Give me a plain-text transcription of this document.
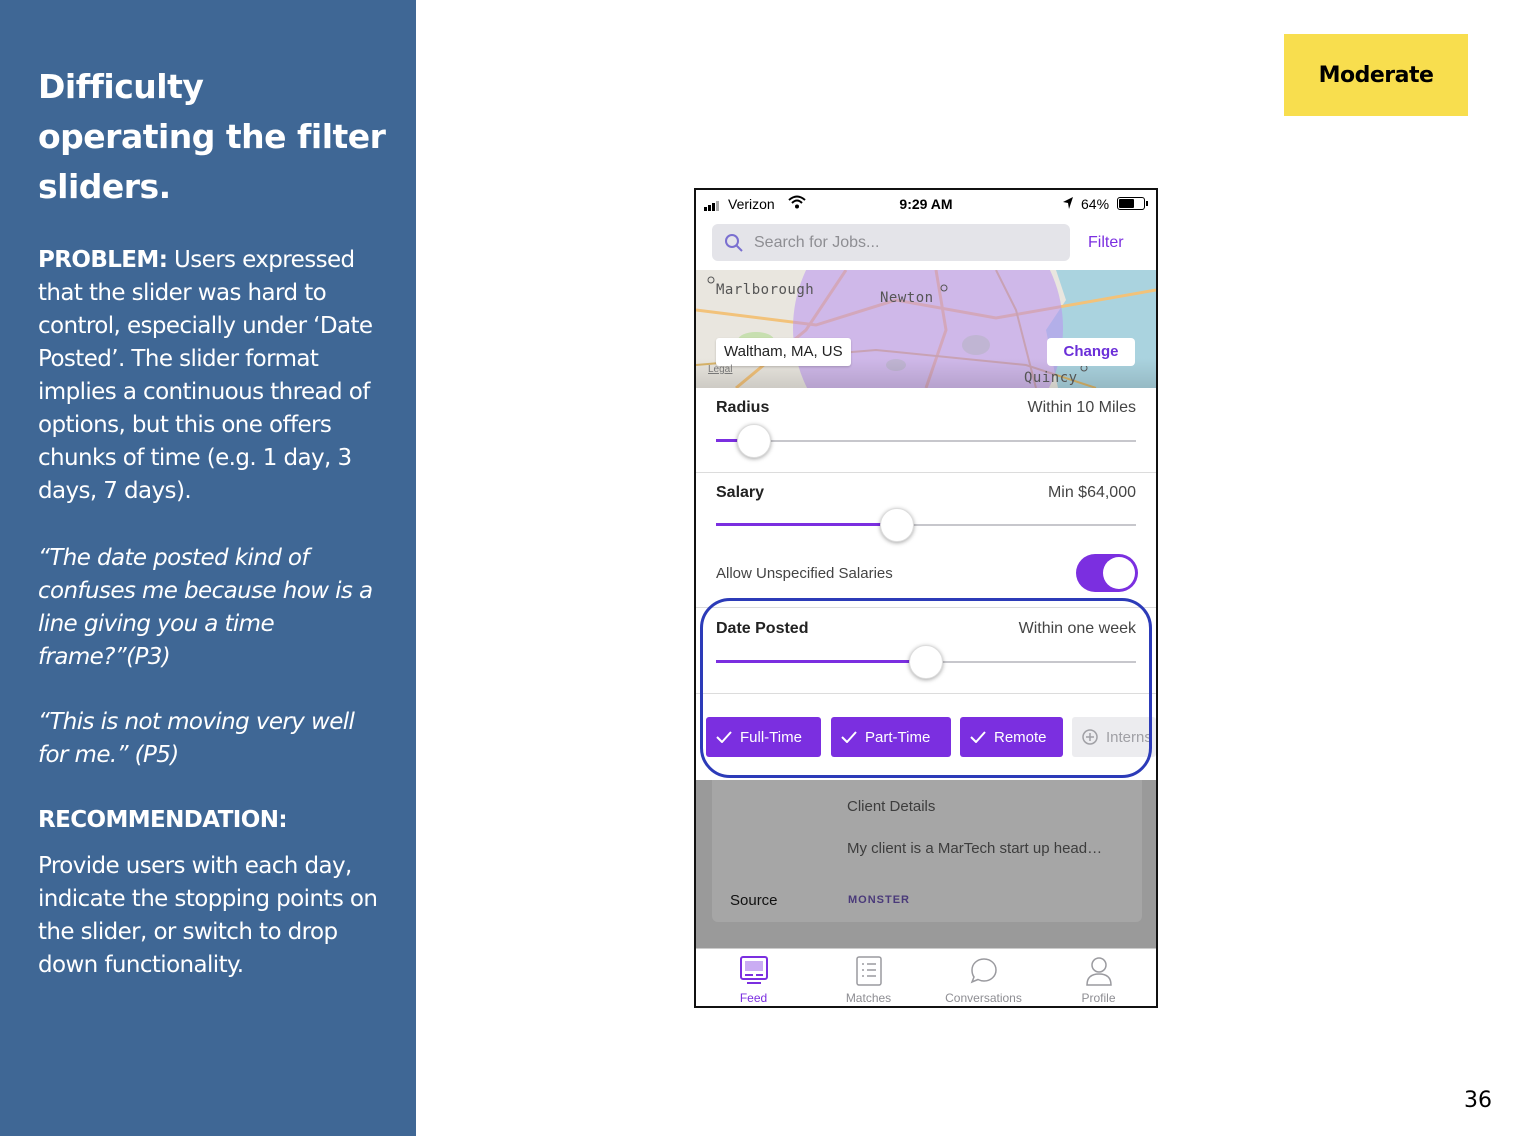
Difficulty operating the filter sliders.
PROBLEM: Users expressed that the slider was hard to control, especially under ‘Date Posted’. The slider format implies a continuous thread of options, but this one offers chunks of time (e.g. 1 day, 3 days, 7 days).
“The date posted kind of confuses me because how is a line giving you a time frame?”(P3)
“This is not moving very well for me.” (P5)
RECOMMENDATION:
Provide users with each day, indicate the stopping points on the slider, or switch to drop down functionality.
Moderate
36
Verizon	9:29 AM	64%
Search for Jobs...	Filter
Marlborough	Newton
Quincy
Waltham, MA, US	Change
Legal
Radius	Within 10 Miles
Salary	Min $64,000
Allow Unspecified Salaries
Date Posted	Within one week
Full-Time	Part-Time	Remote	Interns
Client Details
My client is a MarTech start up head…
Source	MONSTER
Feed	Matches	Conversations	Profile
